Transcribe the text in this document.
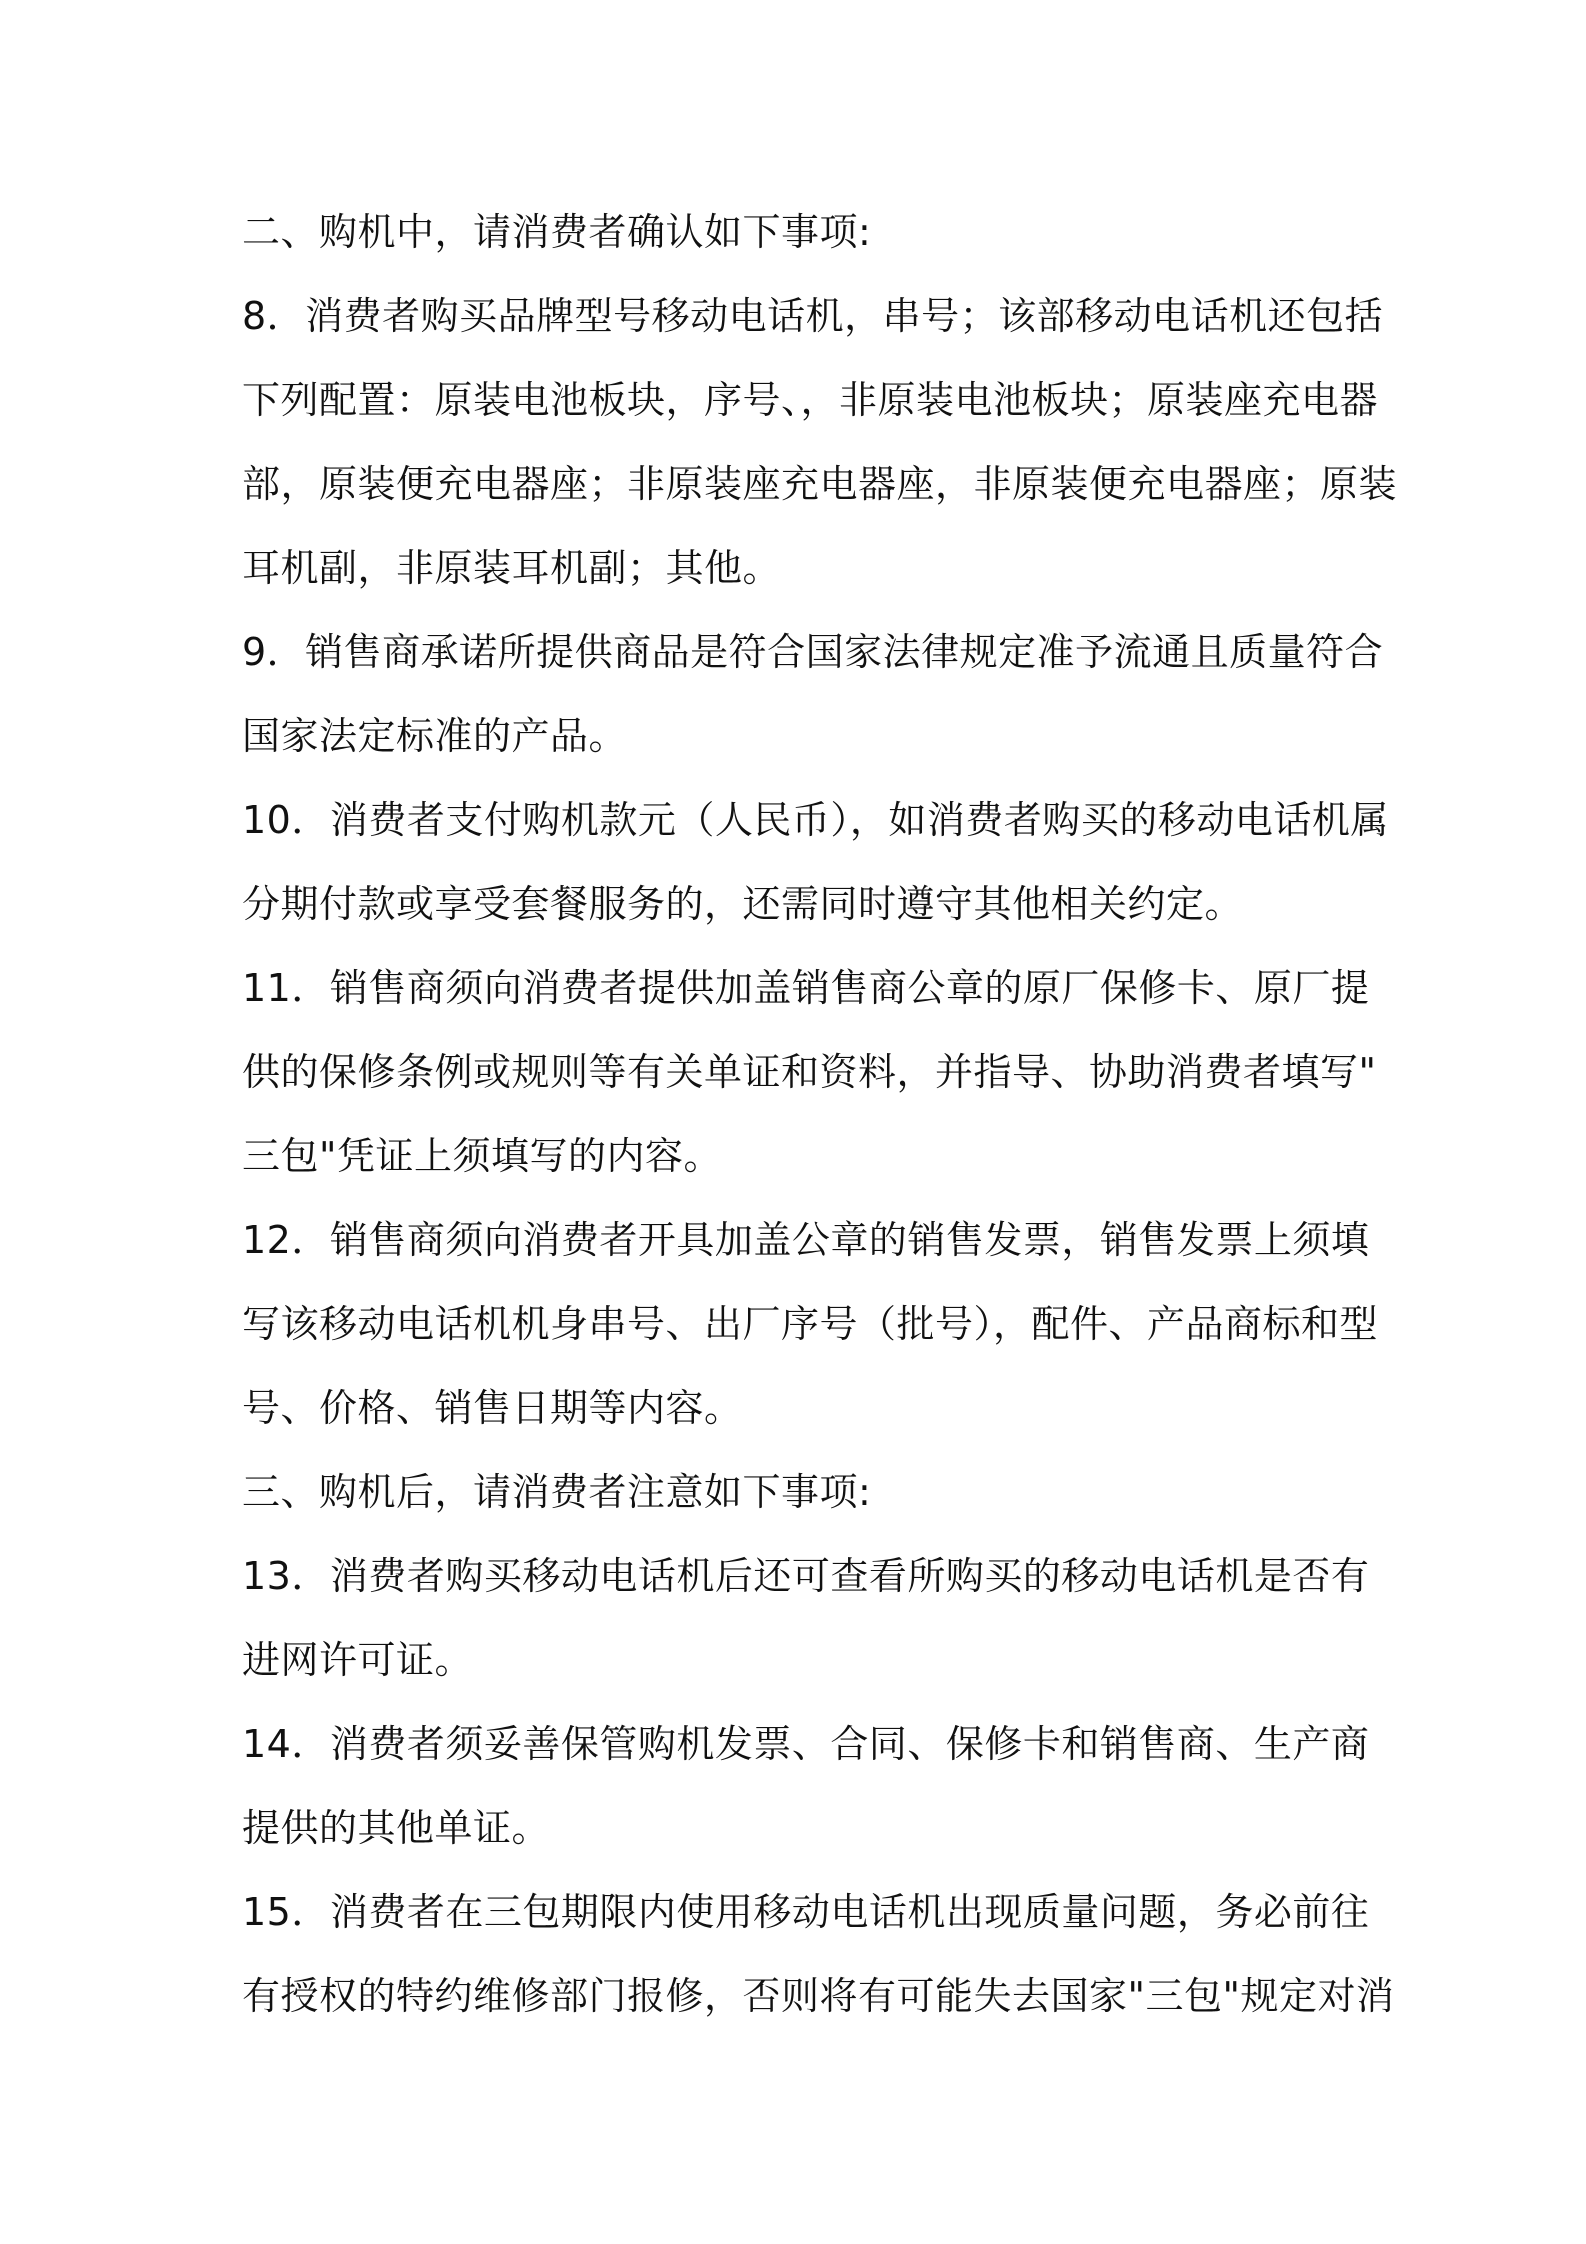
二、购机中，请消费者确认如下事项:
8．消费者购买品牌型号移动电话机，串号；该部移动电话机还包括
下列配置：原装电池板块，序号、，非原装电池板块；原装座充电器
部，原装便充电器座；非原装座充电器座，非原装便充电器座；原装
耳机副，非原装耳机副；其他。
9．销售商承诺所提供商品是符合国家法律规定准予流通且质量符合
国家法定标准的产品。
10．消费者支付购机款元（人民币），如消费者购买的移动电话机属
分期付款或享受套餐服务的，还需同时遵守其他相关约定。
11．销售商须向消费者提供加盖销售商公章的原厂保修卡、原厂提
供的保修条例或规则等有关单证和资料，并指导、协助消费者填写"
三包"凭证上须填写的内容。
12．销售商须向消费者开具加盖公章的销售发票，销售发票上须填
写该移动电话机机身串号、出厂序号（批号），配件、产品商标和型
号、价格、销售日期等内容。
三、购机后，请消费者注意如下事项:
13．消费者购买移动电话机后还可查看所购买的移动电话机是否有
进网许可证。
14．消费者须妥善保管购机发票、合同、保修卡和销售商、生产商
提供的其他单证。
15．消费者在三包期限内使用移动电话机出现质量问题，务必前往
有授权的特约维修部门报修，否则将有可能失去国家"三包"规定对消
